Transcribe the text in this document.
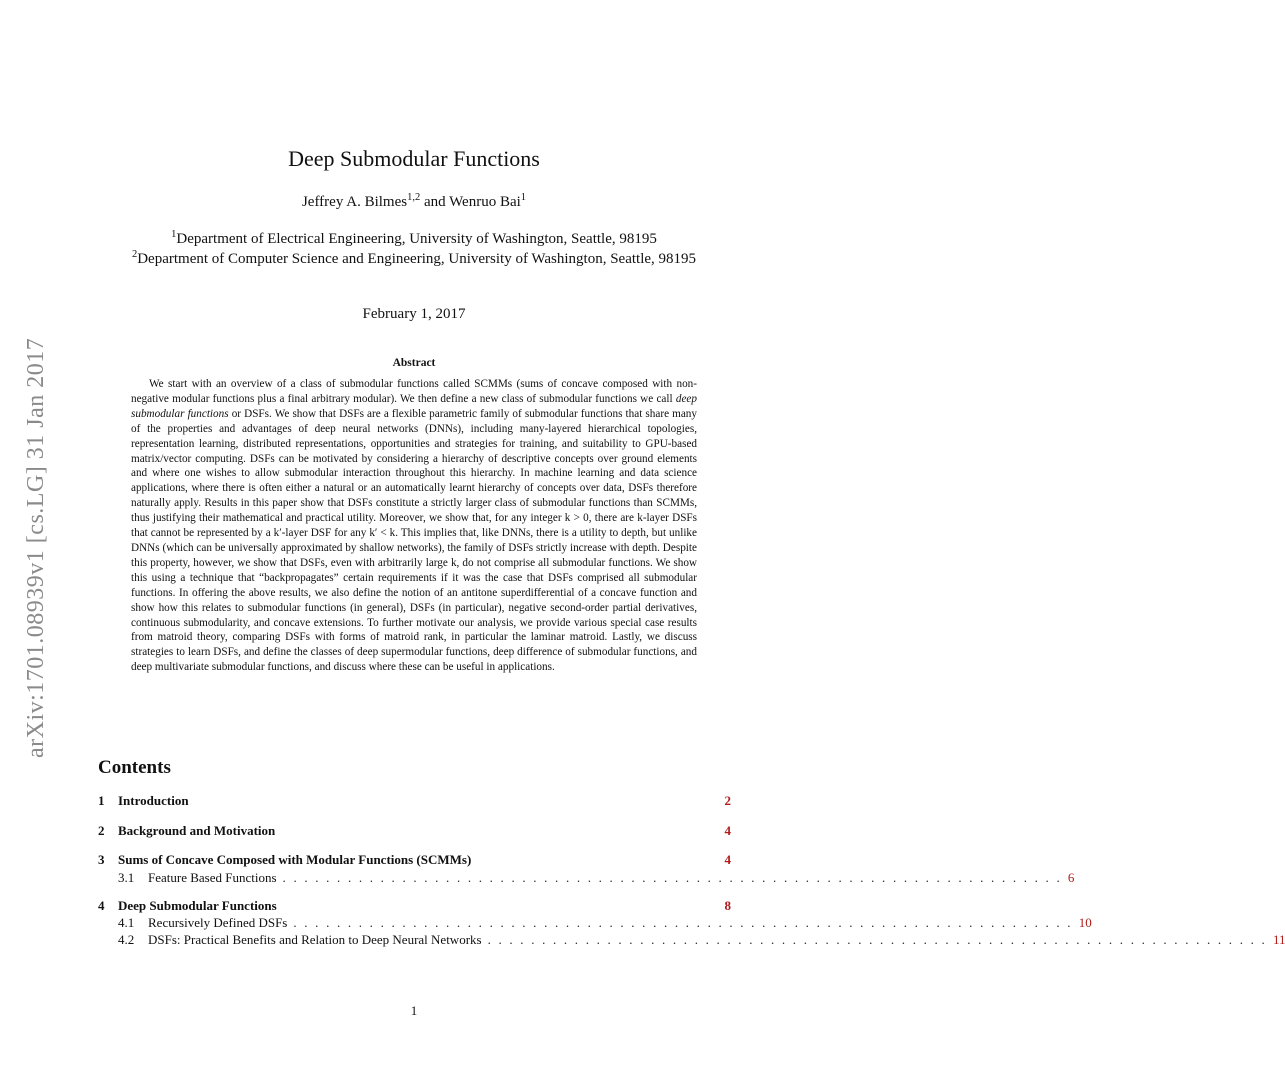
arXiv:1701.08939v1 [cs.LG] 31 Jan 2017
Deep Submodular Functions
Jeffrey A. Bilmes$^{1,2}$ and Wenruo Bai$^1$
$^1$Department of Electrical Engineering, University of Washington, Seattle, 98195
$^2$Department of Computer Science and Engineering, University of Washington, Seattle, 98195
February 1, 2017
Abstract
We start with an overview of a class of submodular functions called SCMMs (sums of concave composed with non-negative modular functions plus a final arbitrary modular). We then define a new class of submodular functions we call deep submodular functions or DSFs. We show that DSFs are a flexible parametric family of submodular functions that share many of the properties and advantages of deep neural networks (DNNs), including many-layered hierarchical topologies, representation learning, distributed representations, opportunities and strategies for training, and suitability to GPU-based matrix/vector computing. DSFs can be motivated by considering a hierarchy of descriptive concepts over ground elements and where one wishes to allow submodular interaction throughout this hierarchy. In machine learning and data science applications, where there is often either a natural or an automatically learnt hierarchy of concepts over data, DSFs therefore naturally apply. Results in this paper show that DSFs constitute a strictly larger class of submodular functions than SCMMs, thus justifying their mathematical and practical utility. Moreover, we show that, for any integer k > 0, there are k-layer DSFs that cannot be represented by a k′-layer DSF for any k′ < k. This implies that, like DNNs, there is a utility to depth, but unlike DNNs (which can be universally approximated by shallow networks), the family of DSFs strictly increase with depth. Despite this property, however, we show that DSFs, even with arbitrarily large k, do not comprise all submodular functions. We show this using a technique that “backpropagates” certain requirements if it was the case that DSFs comprised all submodular functions. In offering the above results, we also define the notion of an antitone superdifferential of a concave function and show how this relates to submodular functions (in general), DSFs (in particular), negative second-order partial derivatives, continuous submodularity, and concave extensions. To further motivate our analysis, we provide various special case results from matroid theory, comparing DSFs with forms of matroid rank, in particular the laminar matroid. Lastly, we discuss strategies to learn DSFs, and define the classes of deep supermodular functions, deep difference of submodular functions, and deep multivariate submodular functions, and discuss where these can be useful in applications.
Contents
1	Introduction	2
2	Background and Motivation	4
3	Sums of Concave Composed with Modular Functions (SCMMs)	4
3.1	Feature Based Functions . . . . . . . . . . . . . . . . . . . . . . . . . . . . . . . . . . . . . . . . . . . . . . . . . . . . . . . . . . . . . . . . . . . . . . . . 6
4	Deep Submodular Functions	8
4.1	Recursively Defined DSFs . . . . . . . . . . . . . . . . . . . . . . . . . . . . . . . . . . . . . . . . . . . . . . . . . . . . . . . . . . . . . . . . . . . . . . . . 10
4.2	DSFs: Practical Benefits and Relation to Deep Neural Networks . . . . . . . . . . . . . . . . . . . . . . . . . . . . . . . . . . . . . . . . . . . . . . . . . . . . . . . . . . . . . . . . . . . . . . . . 11
1
